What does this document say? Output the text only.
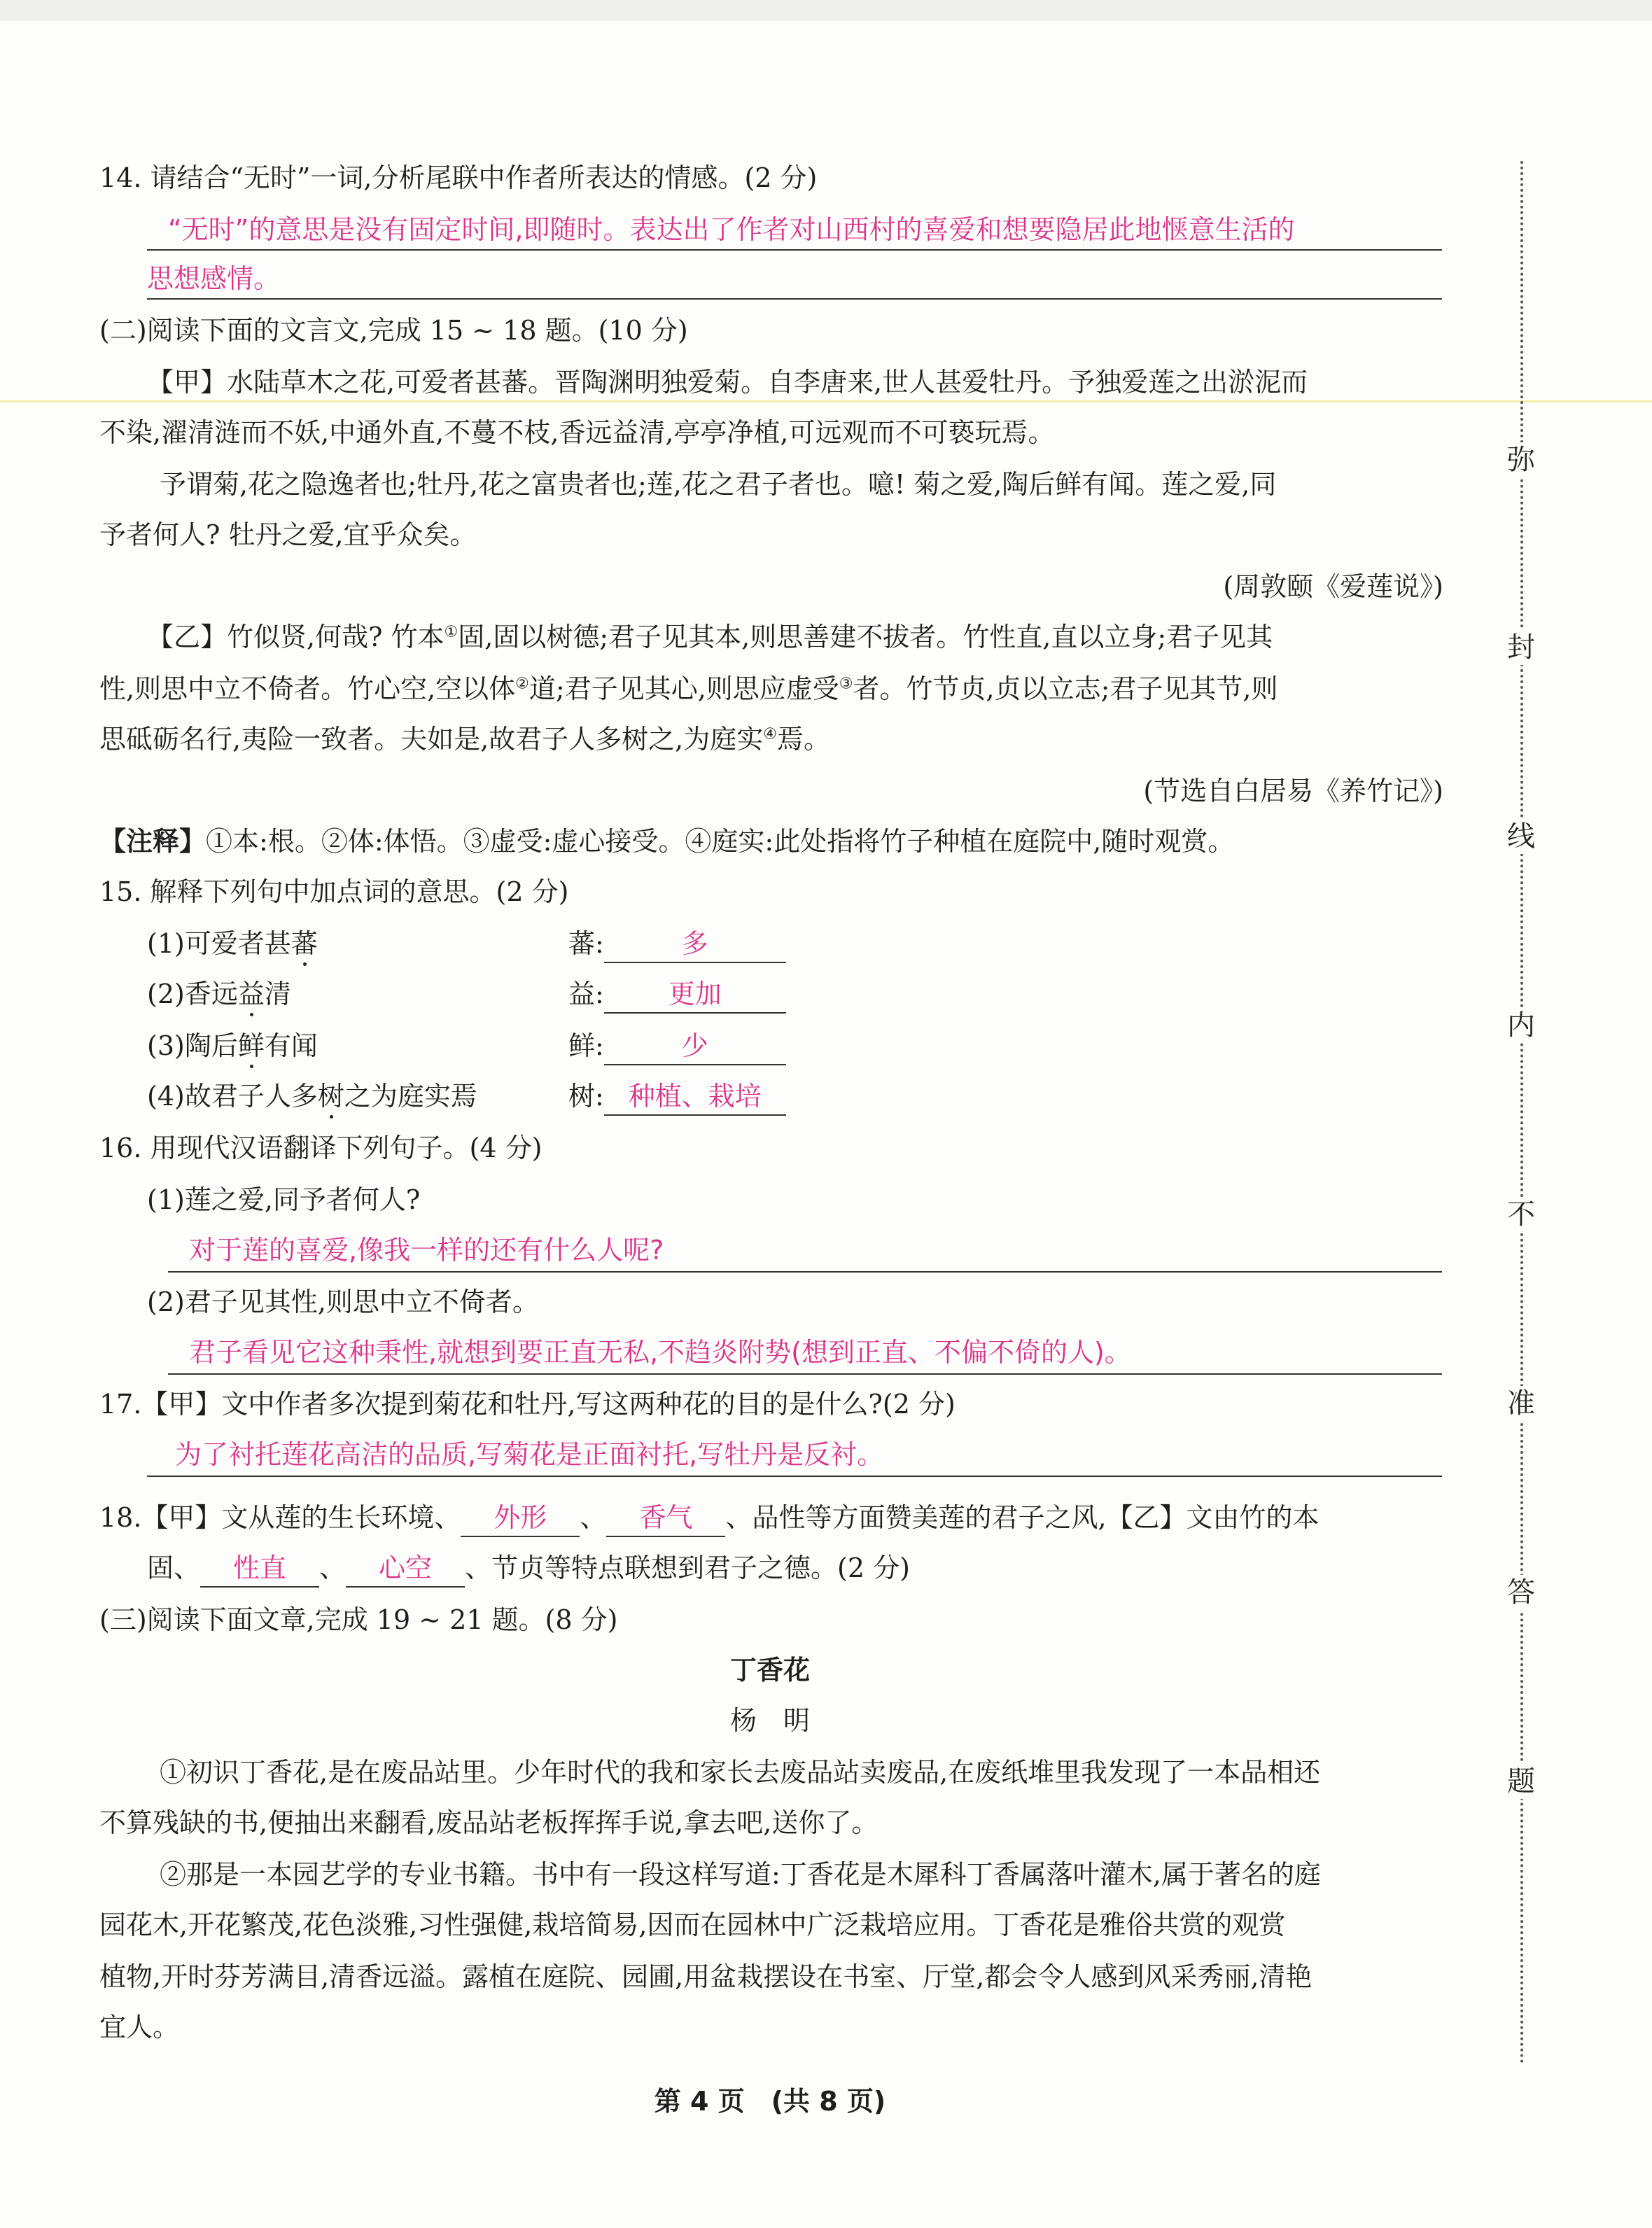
14. 请结合“无时”一词,分析尾联中作者所表达的情感。(2 分)
“无时”的意思是没有固定时间,即随时。表达出了作者对山西村的喜爱和想要隐居此地惬意生活的
思想感情。
(二)阅读下面的文言文,完成 15 ~ 18 题。(10 分)
【甲】水陆草木之花,可爱者甚蕃。晋陶渊明独爱菊。自李唐来,世人甚爱牡丹。予独爱莲之出淤泥而
不染,濯清涟而不妖,中通外直,不蔓不枝,香远益清,亭亭净植,可远观而不可亵玩焉。
予谓菊,花之隐逸者也;牡丹,花之富贵者也;莲,花之君子者也。噫! 菊之爱,陶后鲜有闻。莲之爱,同
予者何人? 牡丹之爱,宜乎众矣。
(周敦颐《爱莲说》)
【乙】竹似贤,何哉? 竹本①固,固以树德;君子见其本,则思善建不拔者。竹性直,直以立身;君子见其
性,则思中立不倚者。竹心空,空以体②道;君子见其心,则思应虚受③者。竹节贞,贞以立志;君子见其节,则
思砥砺名行,夷险一致者。夫如是,故君子人多树之,为庭实④焉。
(节选自白居易《养竹记》)
【注释】①本:根。②体:体悟。③虚受:虚心接受。④庭实:此处指将竹子种植在庭院中,随时观赏。
15. 解释下列句中加点词的意思。(2 分)
(1)可爱者甚蕃	蕃:	多
(2)香远益清	益: 更加
(3)陶后鲜有闻	鲜:	少
(4)故君子人多树之为庭实焉	树: 种植、栽培
16. 用现代汉语翻译下列句子。(4 分)
(1)莲之爱,同予者何人?
对于莲的喜爱,像我一样的还有什么人呢?
(2)君子见其性,则思中立不倚者。
君子看见它这种秉性,就想到要正直无私,不趋炎附势(想到正直、不偏不倚的人)。
17.【甲】文中作者多次提到菊花和牡丹,写这两种花的目的是什么?(2 分)
为了衬托莲花高洁的品质,写菊花是正面衬托,写牡丹是反衬。
18.【甲】文从莲的生长环境、 外形 、 香气 、品性等方面赞美莲的君子之风,【乙】文由竹的本
固、 性直 、 心空 、节贞等特点联想到君子之德。(2 分)
(三)阅读下面文章,完成 19 ~ 21 题。(8 分)
丁香花
杨　明
①初识丁香花,是在废品站里。少年时代的我和家长去废品站卖废品,在废纸堆里我发现了一本品相还
不算残缺的书,便抽出来翻看,废品站老板挥挥手说,拿去吧,送你了。
②那是一本园艺学的专业书籍。书中有一段这样写道:丁香花是木犀科丁香属落叶灌木,属于著名的庭
园花木,开花繁茂,花色淡雅,习性强健,栽培简易,因而在园林中广泛栽培应用。丁香花是雅俗共赏的观赏
植物,开时芬芳满目,清香远溢。露植在庭院、园圃,用盆栽摆设在书室、厅堂,都会令人感到风采秀丽,清艳
宜人。
第 4 页　(共 8 页)
弥
封
线
内
不
准
答
题
